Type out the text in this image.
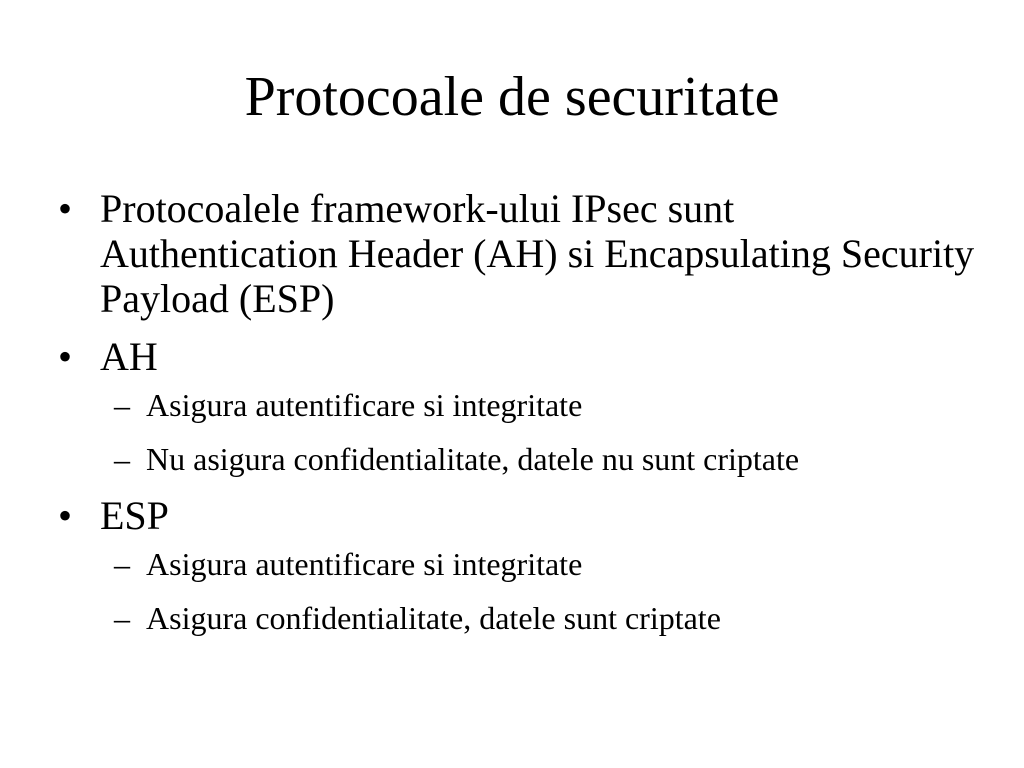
Protocoale de securitate
• Protocoalele framework-ului IPsec sunt Authentication Header (AH) si Encapsulating Security Payload (ESP)
• AH
– Asigura autentificare si integritate
– Nu asigura confidentialitate, datele nu sunt criptate
• ESP
– Asigura autentificare si integritate
– Asigura confidentialitate, datele sunt criptate
